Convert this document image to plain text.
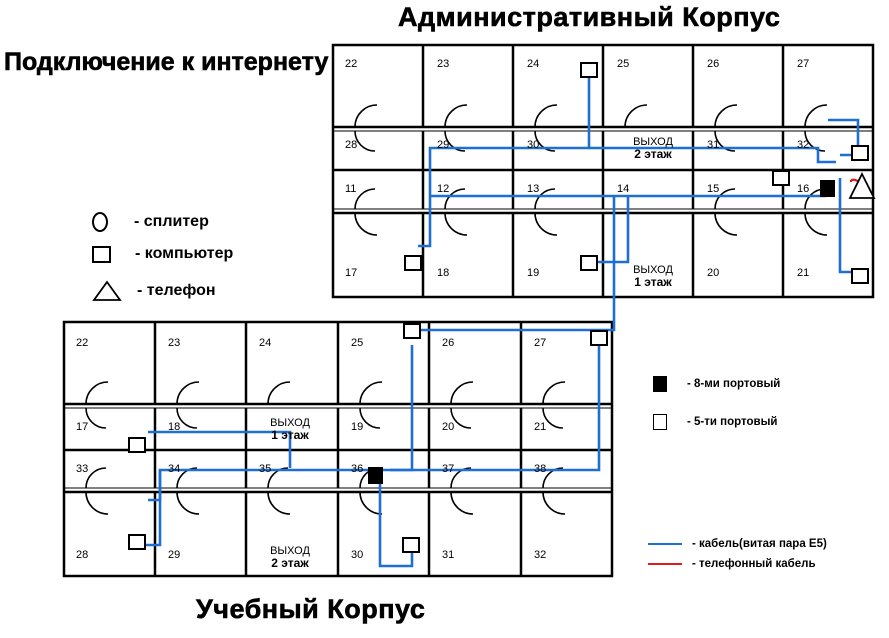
Административный Корпус
Подключение к интернету
Учебный Корпус
22	23	24	25	26	27
28	29	30	31	32
ВЫХОД
2 этаж
11	12	13	14	15	16
17	18	19	20	21
ВЫХОД
1 этаж
22	23	24	25	26	27
17	18	19	20	21
ВЫХОД
1 этаж
33	34	35	36	37	38
28	29	30	31	32
ВЫХОД
2 этаж
- сплитер
- компьютер
- телефон
- 8-ми портовый
- 5-ти портовый
- кабель(витая пара E5)
- телефонный кабель
